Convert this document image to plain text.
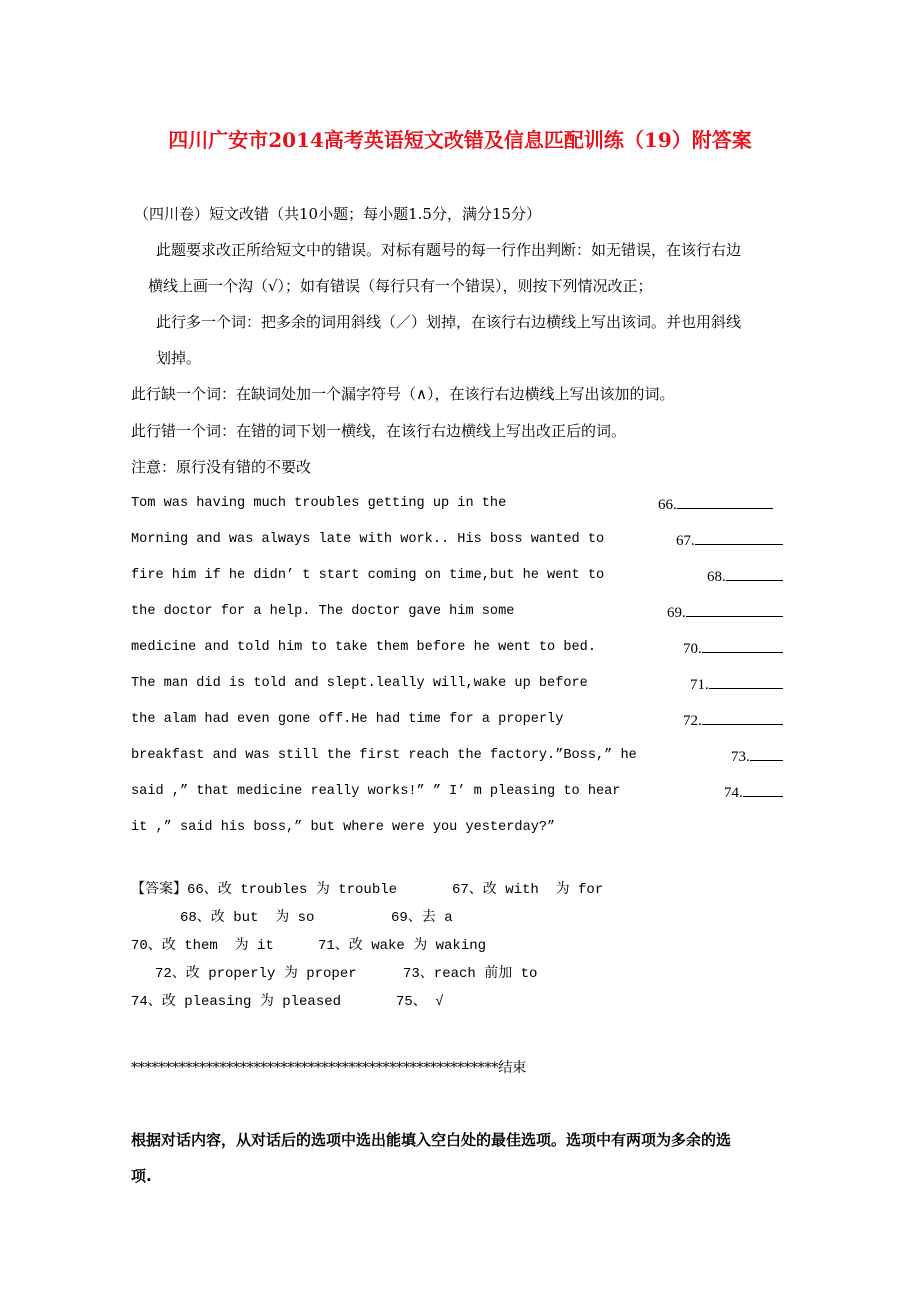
四川广安市2014高考英语短文改错及信息匹配训练（19）附答案
（四川卷）短文改错（共10小题；每小题1.5分，满分15分）
此题要求改正所给短文中的错误。对标有题号的每一行作出判断：如无错误，在该行右边
横线上画一个沟（√）；如有错误（每行只有一个错误），则按下列情况改正；
此行多一个词：把多余的词用斜线（／）划掉，在该行右边横线上写出该词。并也用斜线
划掉。
此行缺一个词：在缺词处加一个漏字符号（∧），在该行右边横线上写出该加的词。
此行错一个词：在错的词下划一横线，在该行右边横线上写出改正后的词。
注意：原行没有错的不要改
Tom was having much troubles getting up in the	66.
Morning and was always late with work.. His boss wanted to	67.
fire him if he didn’ t start coming on time,but he went to	68.
the doctor for a help. The doctor gave him some	69.
medicine and told him to take them before he went to bed.	70.
The man did is told and slept.leally will,wake up before	71.
the alam had even gone off.He had time for a properly	72.
breakfast and was still the first reach the factory.”Boss,” he	73.
said ,” that medicine really works!” ” I’ m pleasing to hear	74.
it ,” said his boss,” but where were you yesterday?”
【答案】66、改 troubles 为 trouble	67、改 with  为 for
68、改 but  为 so	69、去 a
70、改 them  为 it	71、改 wake 为 waking
72、改 properly 为 proper	73、reach 前加 to
74、改 pleasing 为 pleased	75、 √
******************************************************结束
根据对话内容，从对话后的选项中选出能填入空白处的最佳选项。选项中有两项为多余的选
项.
